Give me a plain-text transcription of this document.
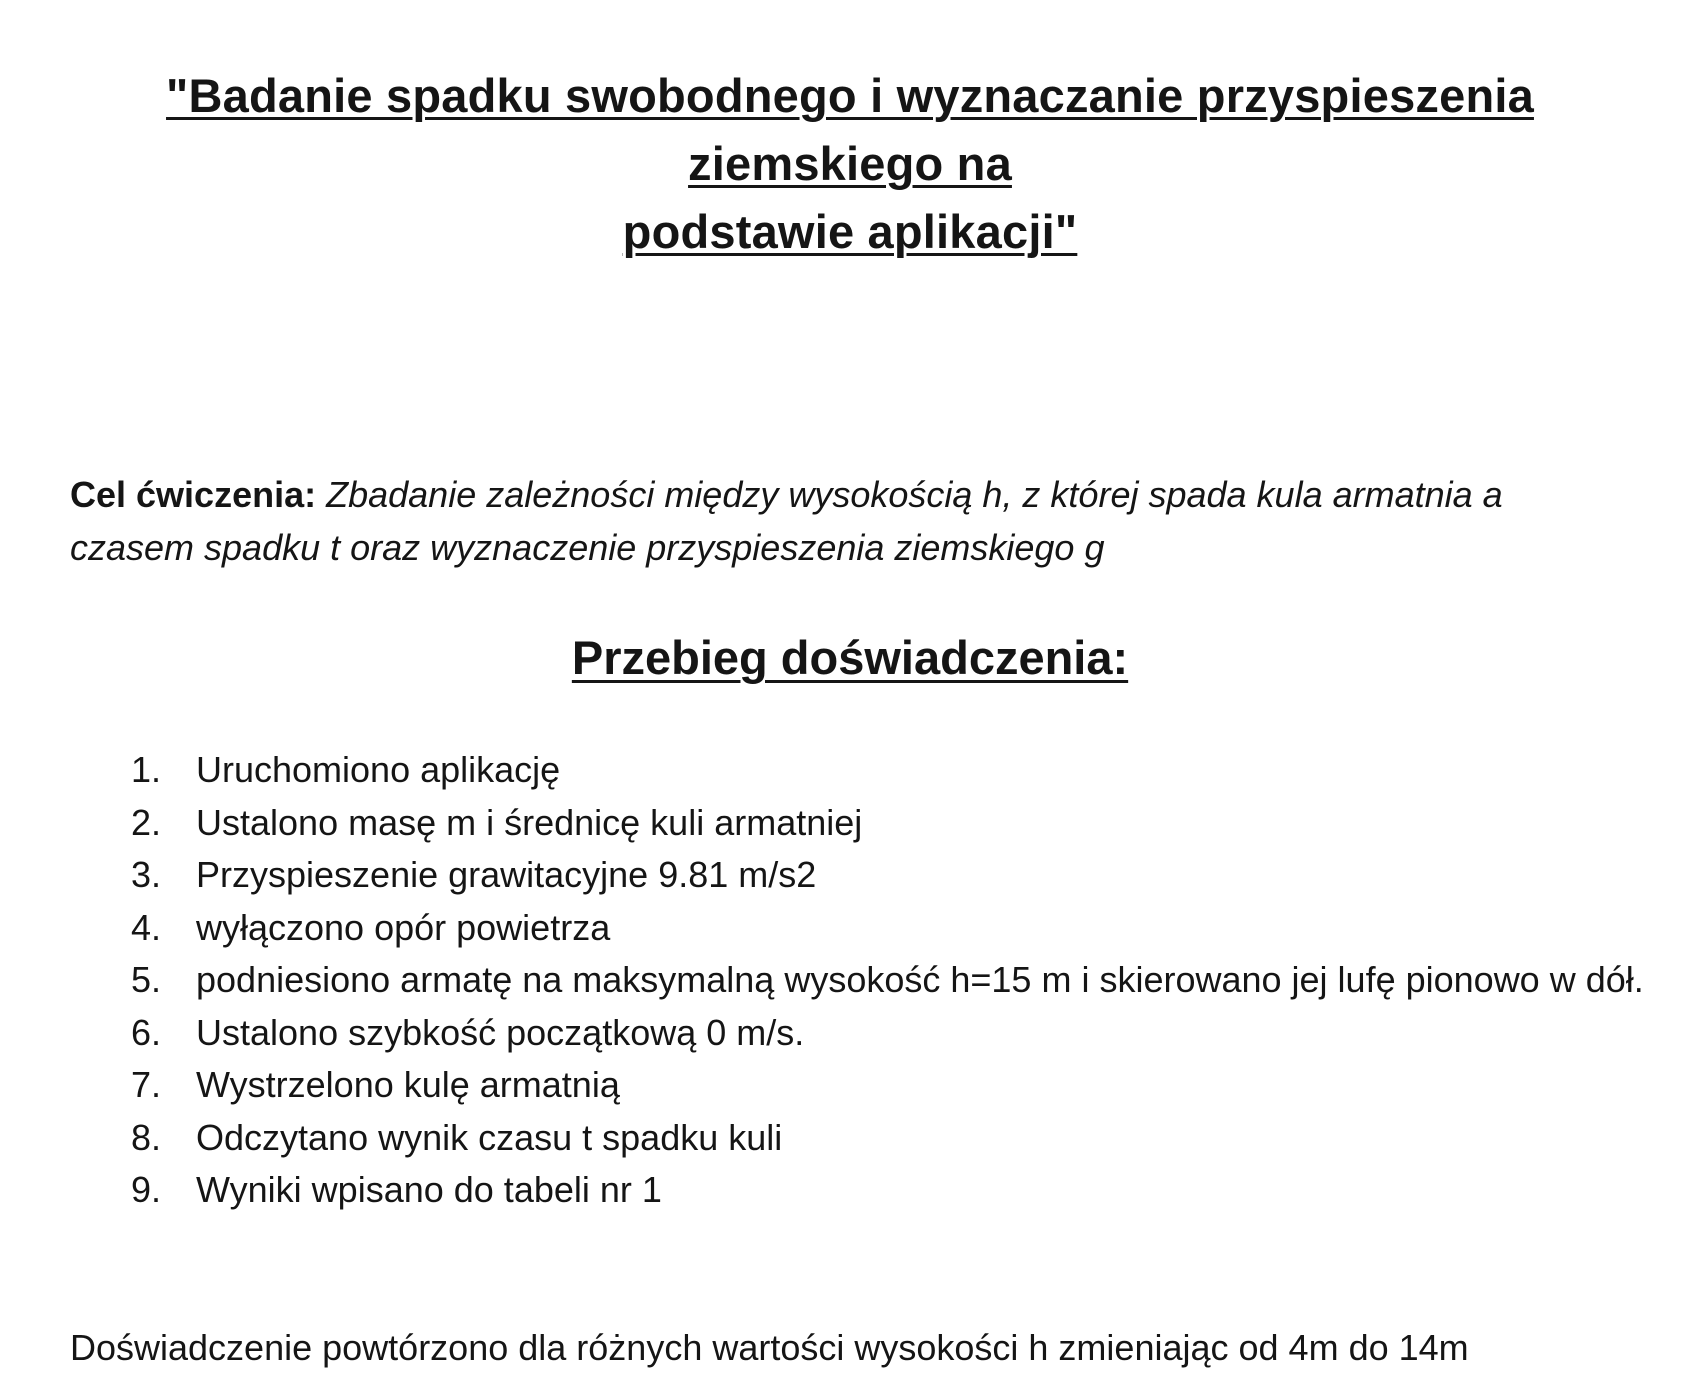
"Badanie spadku swobodnego i wyznaczanie przyspieszenia
ziemskiego na
podstawie aplikacji"

Cel ćwiczenia: Zbadanie zależności między wysokością h, z której spada kula armatnia a czasem spadku t oraz wyznaczenie przyspieszenia ziemskiego g

Przebieg doświadczenia:
1. Uruchomiono aplikację
2. Ustalono masę m i średnicę kuli armatniej
3. Przyspieszenie grawitacyjne 9.81 m/s2
4. wyłączono opór powietrza
5. podniesiono armatę na maksymalną wysokość h=15 m i skierowano jej lufę pionowo w dół.
6. Ustalono szybkość początkową 0 m/s.
7. Wystrzelono kulę armatnią
8. Odczytano wynik czasu t spadku kuli
9. Wyniki wpisano do tabeli nr 1

Doświadczenie powtórzono dla różnych wartości wysokości h zmieniając od 4m do 14m
